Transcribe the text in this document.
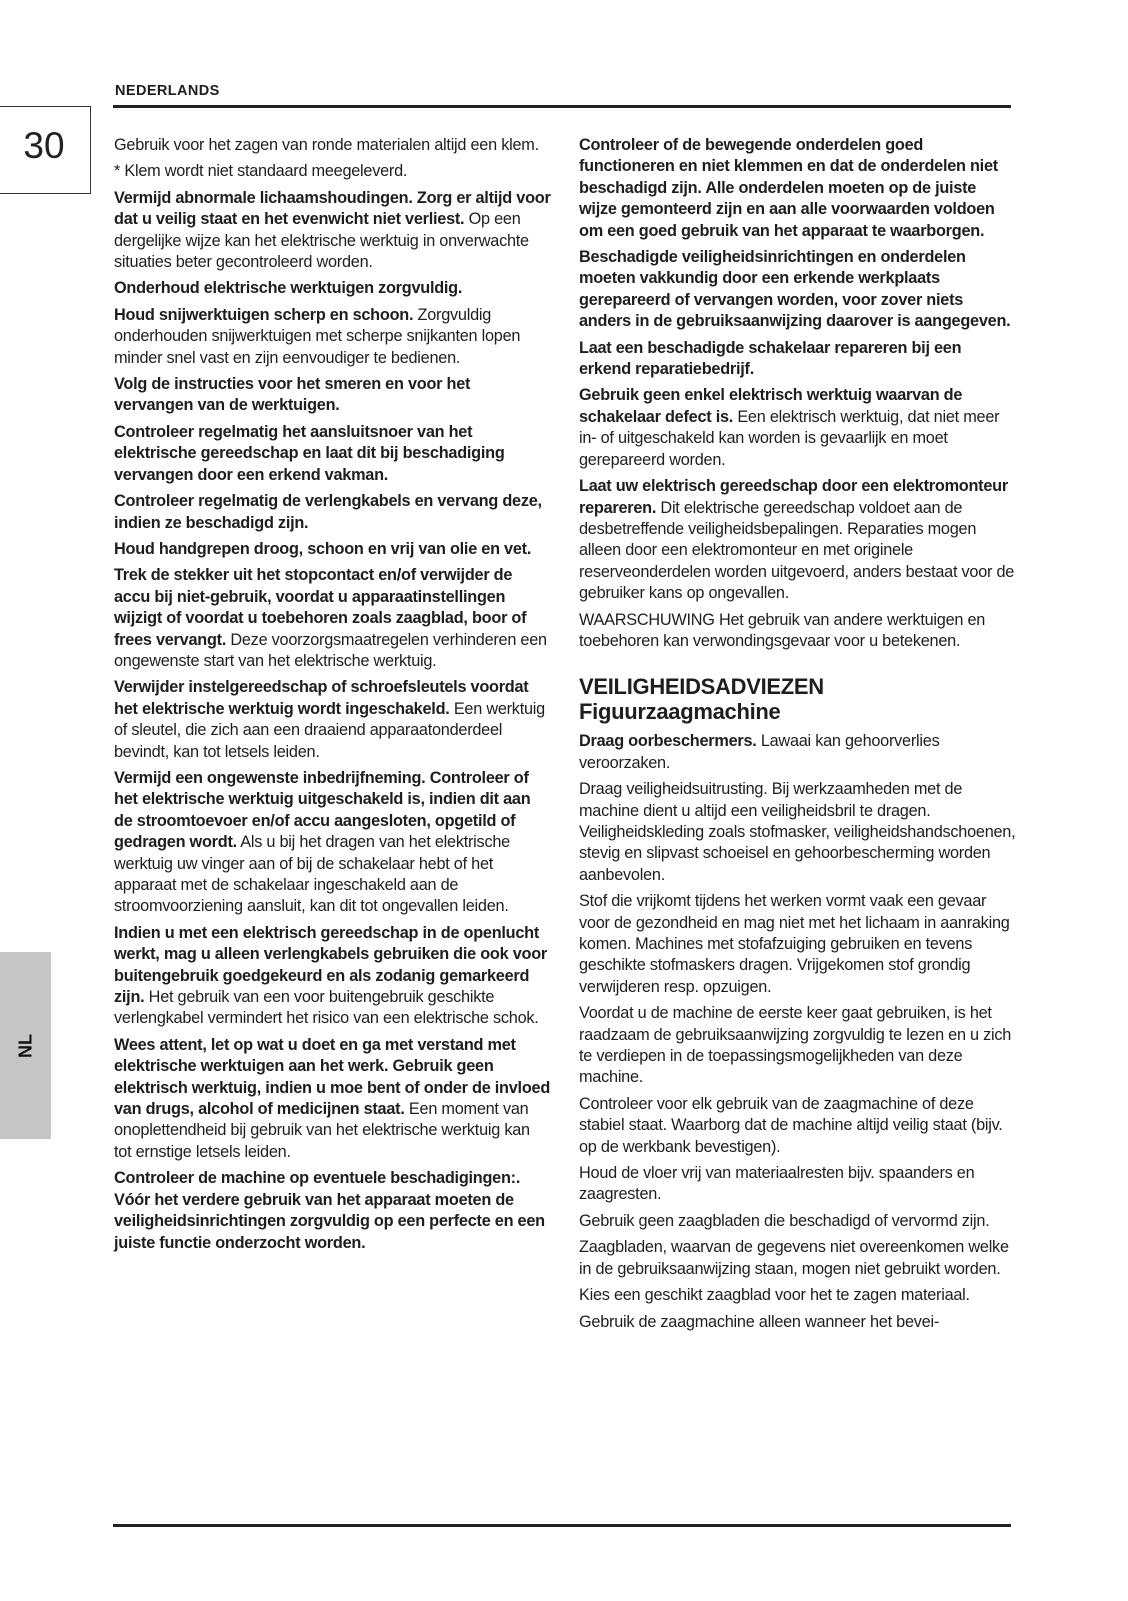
NEDERLANDS
30
NL

Gebruik voor het zagen van ronde materialen altijd een klem.

* Klem wordt niet standaard meegeleverd.

Vermijd abnormale lichaamshoudingen. Zorg er altijd voor dat u veilig staat en het evenwicht niet verliest. Op een dergelijke wijze kan het elektrische werktuig in onverwachte situaties beter gecontroleerd worden.

Onderhoud elektrische werktuigen zorgvuldig.

Houd snijwerktuigen scherp en schoon. Zorgvuldig onderhouden snijwerktuigen met scherpe snijkanten lopen minder snel vast en zijn eenvoudiger te bedienen.

Volg de instructies voor het smeren en voor het vervangen van de werktuigen.

Controleer regelmatig het aansluitsnoer van het elektrische gereedschap en laat dit bij beschadiging vervangen door een erkend vakman.

Controleer regelmatig de verlengkabels en vervang deze, indien ze beschadigd zijn.

Houd handgrepen droog, schoon en vrij van olie en vet.

Trek de stekker uit het stopcontact en/of verwijder de accu bij niet-gebruik, voordat u apparaatinstellingen wijzigt of voordat u toebehoren zoals zaagblad, boor of frees vervangt. Deze voorzorgsmaatregelen verhinderen een ongewenste start van het elektrische werktuig.

Verwijder instelgereedschap of schroefsleutels voordat het elektrische werktuig wordt ingeschakeld. Een werktuig of sleutel, die zich aan een draaiend apparaatonderdeel bevindt, kan tot letsels leiden.

Vermijd een ongewenste inbedrijfneming. Controleer of het elektrische werktuig uitgeschakeld is, indien dit aan de stroomtoevoer en/of accu aangesloten, opgetild of gedragen wordt. Als u bij het dragen van het elektrische werktuig uw vinger aan of bij de schakelaar hebt of het apparaat met de schakelaar ingeschakeld aan de stroomvoorziening aansluit, kan dit tot ongevallen leiden.

Indien u met een elektrisch gereedschap in de openlucht werkt, mag u alleen verlengkabels gebruiken die ook voor buitengebruik goedgekeurd en als zodanig gemarkeerd zijn. Het gebruik van een voor buitengebruik geschikte verlengkabel vermindert het risico van een elektrische schok.

Wees attent, let op wat u doet en ga met verstand met elektrische werktuigen aan het werk. Gebruik geen elektrisch werktuig, indien u moe bent of onder de invloed van drugs, alcohol of medicijnen staat. Een moment van onoplettendheid bij gebruik van het elektrische werktuig kan tot ernstige letsels leiden.

Controleer de machine op eventuele beschadigingen:. Vóór het verdere gebruik van het apparaat moeten de veiligheidsinrichtingen zorgvuldig op een perfecte en een juiste functie onderzocht worden.

Controleer of de bewegende onderdelen goed functioneren en niet klemmen en dat de onderdelen niet beschadigd zijn. Alle onderdelen moeten op de juiste wijze gemonteerd zijn en aan alle voorwaarden voldoen om een goed gebruik van het apparaat te waarborgen.

Beschadigde veiligheidsinrichtingen en onderdelen moeten vakkundig door een erkende werkplaats gerepareerd of vervangen worden, voor zover niets anders in de gebruiksaanwijzing daarover is aangegeven.

Laat een beschadigde schakelaar repareren bij een erkend reparatiebedrijf.

Gebruik geen enkel elektrisch werktuig waarvan de schakelaar defect is. Een elektrisch werktuig, dat niet meer in- of uitgeschakeld kan worden is gevaarlijk en moet gerepareerd worden.

Laat uw elektrisch gereedschap door een elektromonteur repareren. Dit elektrische gereedschap voldoet aan de desbetreffende veiligheidsbepalingen. Reparaties mogen alleen door een elektromonteur en met originele reserveonderdelen worden uitgevoerd, anders bestaat voor de gebruiker kans op ongevallen.

WAARSCHUWING Het gebruik van andere werktuigen en toebehoren kan verwondingsgevaar voor u betekenen.

VEILIGHEIDSADVIEZEN
Figuurzaagmachine

Draag oorbeschermers. Lawaai kan gehoorverlies veroorzaken.

Draag veiligheidsuitrusting. Bij werkzaamheden met de machine dient u altijd een veiligheidsbril te dragen. Veiligheidskleding zoals stofmasker, veiligheidshandschoenen, stevig en slipvast schoeisel en gehoorbescherming worden aanbevolen.

Stof die vrijkomt tijdens het werken vormt vaak een gevaar voor de gezondheid en mag niet met het lichaam in aanraking komen. Machines met stofafzuiging gebruiken en tevens geschikte stofmaskers dragen. Vrijgekomen stof grondig verwijderen resp. opzuigen.

Voordat u de machine de eerste keer gaat gebruiken, is het raadzaam de gebruiksaanwijzing zorgvuldig te lezen en u zich te verdiepen in de toepassingsmogelijkheden van deze machine.

Controleer voor elk gebruik van de zaagmachine of deze stabiel staat. Waarborg dat de machine altijd veilig staat (bijv. op de werkbank bevestigen).

Houd de vloer vrij van materiaalresten bijv. spaanders en zaagresten.

Gebruik geen zaagbladen die beschadigd of vervormd zijn.

Zaagbladen, waarvan de gegevens niet overeenkomen welke in de gebruiksaanwijzing staan, mogen niet gebruikt worden.

Kies een geschikt zaagblad voor het te zagen materiaal.

Gebruik de zaagmachine alleen wanneer het bevei-
